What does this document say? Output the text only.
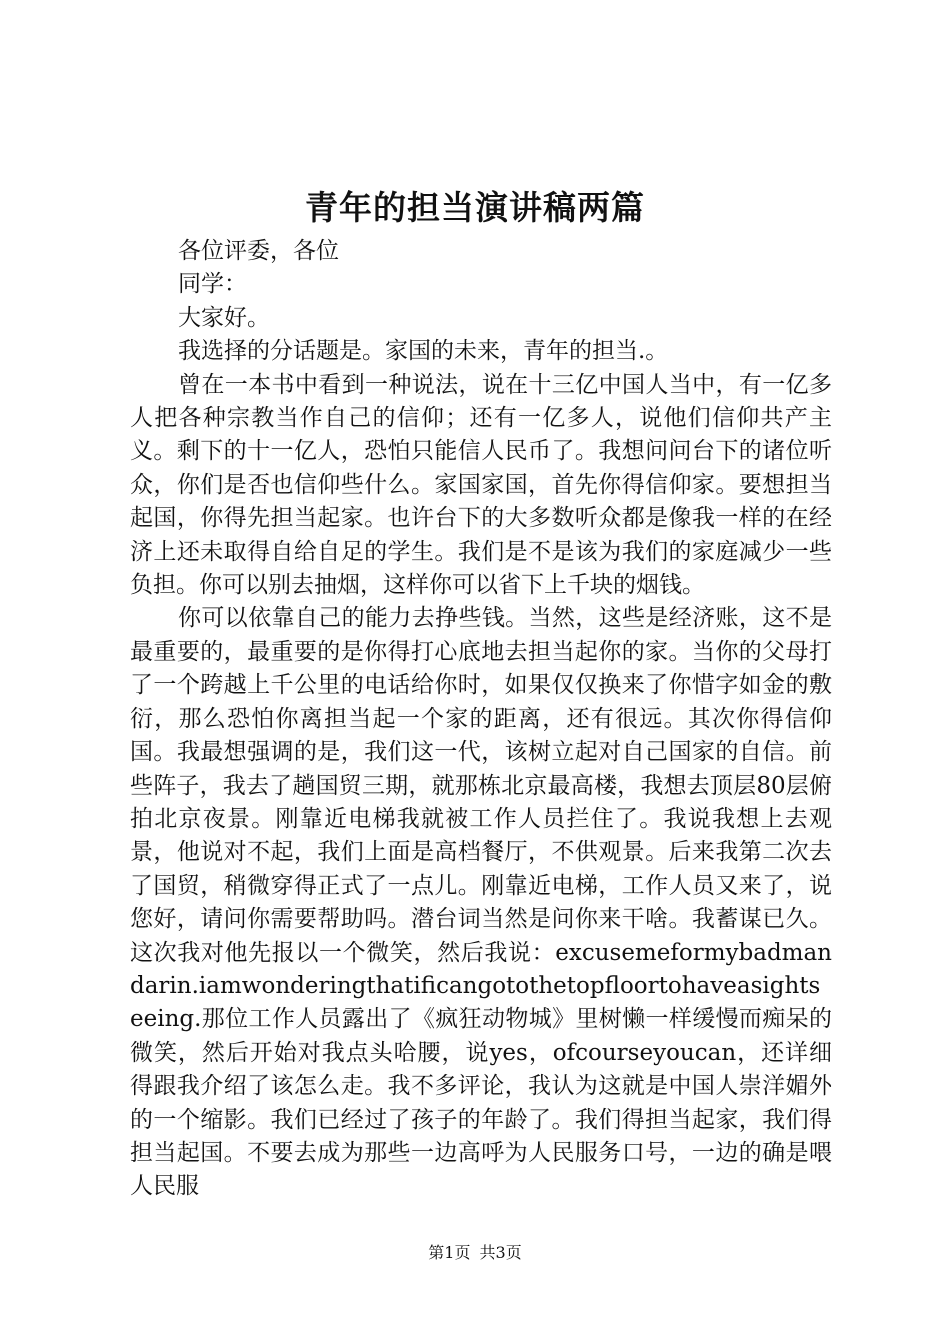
青年的担当演讲稿两篇

各位评委，各位

同学：

大家好。

我选择的分话题是。家国的未来，青年的担当.。

曾在一本书中看到一种说法，说在十三亿中国人当中，有一亿多人把各种宗教当作自己的信仰；还有一亿多人，说他们信仰共产主义。剩下的十一亿人，恐怕只能信人民币了。我想问问台下的诸位听众，你们是否也信仰些什么。家国家国，首先你得信仰家。要想担当起国，你得先担当起家。也许台下的大多数听众都是像我一样的在经济上还未取得自给自足的学生。我们是不是该为我们的家庭减少一些负担。你可以别去抽烟，这样你可以省下上千块的烟钱。

你可以依靠自己的能力去挣些钱。当然，这些是经济账，这不是最重要的，最重要的是你得打心底地去担当起你的家。当你的父母打了一个跨越上千公里的电话给你时，如果仅仅换来了你惜字如金的敷衍，那么恐怕你离担当起一个家的距离，还有很远。其次你得信仰国。我最想强调的是，我们这一代，该树立起对自己国家的自信。前些阵子，我去了趟国贸三期，就那栋北京最高楼，我想去顶层80层俯拍北京夜景。刚靠近电梯我就被工作人员拦住了。我说我想上去观景，他说对不起，我们上面是高档餐厅，不供观景。后来我第二次去了国贸，稍微穿得正式了一点儿。刚靠近电梯，工作人员又来了，说您好，请问你需要帮助吗。潜台词当然是问你来干啥。我蓄谋已久。这次我对他先报以一个微笑，然后我说：excusemeformybadmandarin.iamwonderingthatificangotothetopfloortohaveasightseeing.那位工作人员露出了《疯狂动物城》里树懒一样缓慢而痴呆的微笑，然后开始对我点头哈腰，说yes，ofcourseyoucan，还详细得跟我介绍了该怎么走。我不多评论，我认为这就是中国人崇洋媚外的一个缩影。我们已经过了孩子的年龄了。我们得担当起家，我们得担当起国。不要去成为那些一边高呼为人民服务口号，一边的确是喂人民服

第1页 共3页
